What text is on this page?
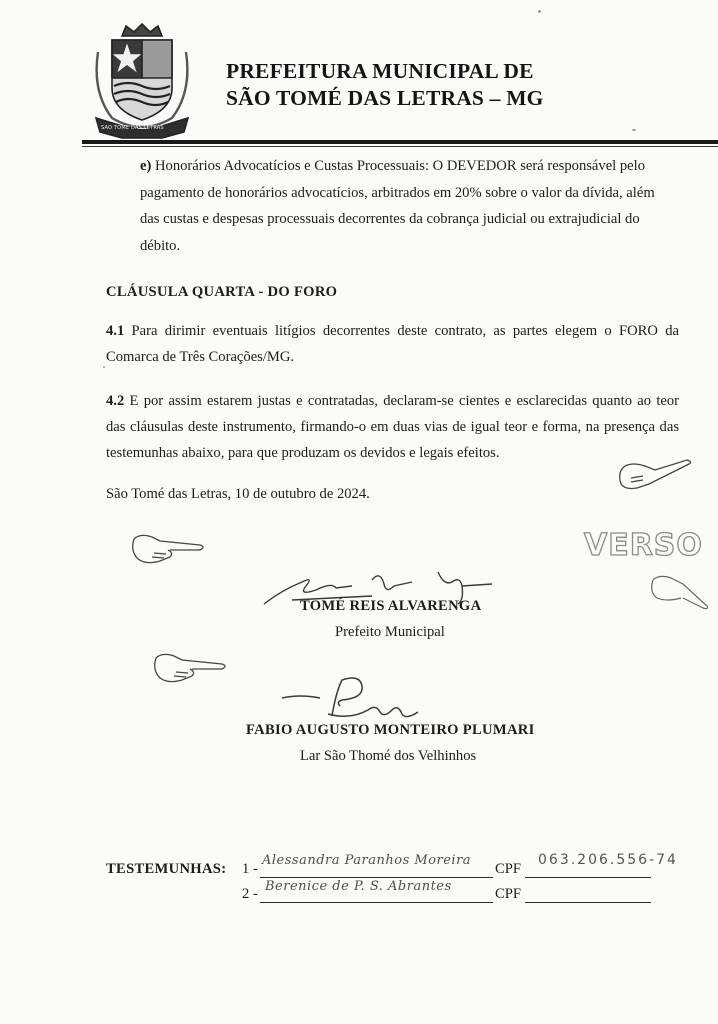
SÃO TOMÉ DAS LETRAS
PREFEITURA MUNICIPAL DE
SÃO TOMÉ DAS LETRAS – MG
e) Honorários Advocatícios e Custas Processuais: O DEVEDOR será responsável pelo pagamento de honorários advocatícios, arbitrados em 20% sobre o valor da dívida, além das custas e despesas processuais decorrentes da cobrança judicial ou extrajudicial do débito.
CLÁUSULA QUARTA - DO FORO
4.1 Para dirimir eventuais litígios decorrentes deste contrato, as partes elegem o FORO da Comarca de Três Corações/MG.
4.2 E por assim estarem justas e contratadas, declaram-se cientes e esclarecidas quanto ao teor das cláusulas deste instrumento, firmando-o em duas vias de igual teor e forma, na presença das testemunhas abaixo, para que produzam os devidos e legais efeitos.
São Tomé das Letras, 10 de outubro de 2024.
VERSO
TOMÉ REIS ALVARENGA
Prefeito Municipal
FABIO AUGUSTO MONTEIRO PLUMARI
Lar São Thomé dos Velhinhos
TESTEMUNHAS: 1 -
Alessandra Paranhos Moreira
CPF
063.206.556-74
2 - Berenice de P. S. Abrantes	CPF
